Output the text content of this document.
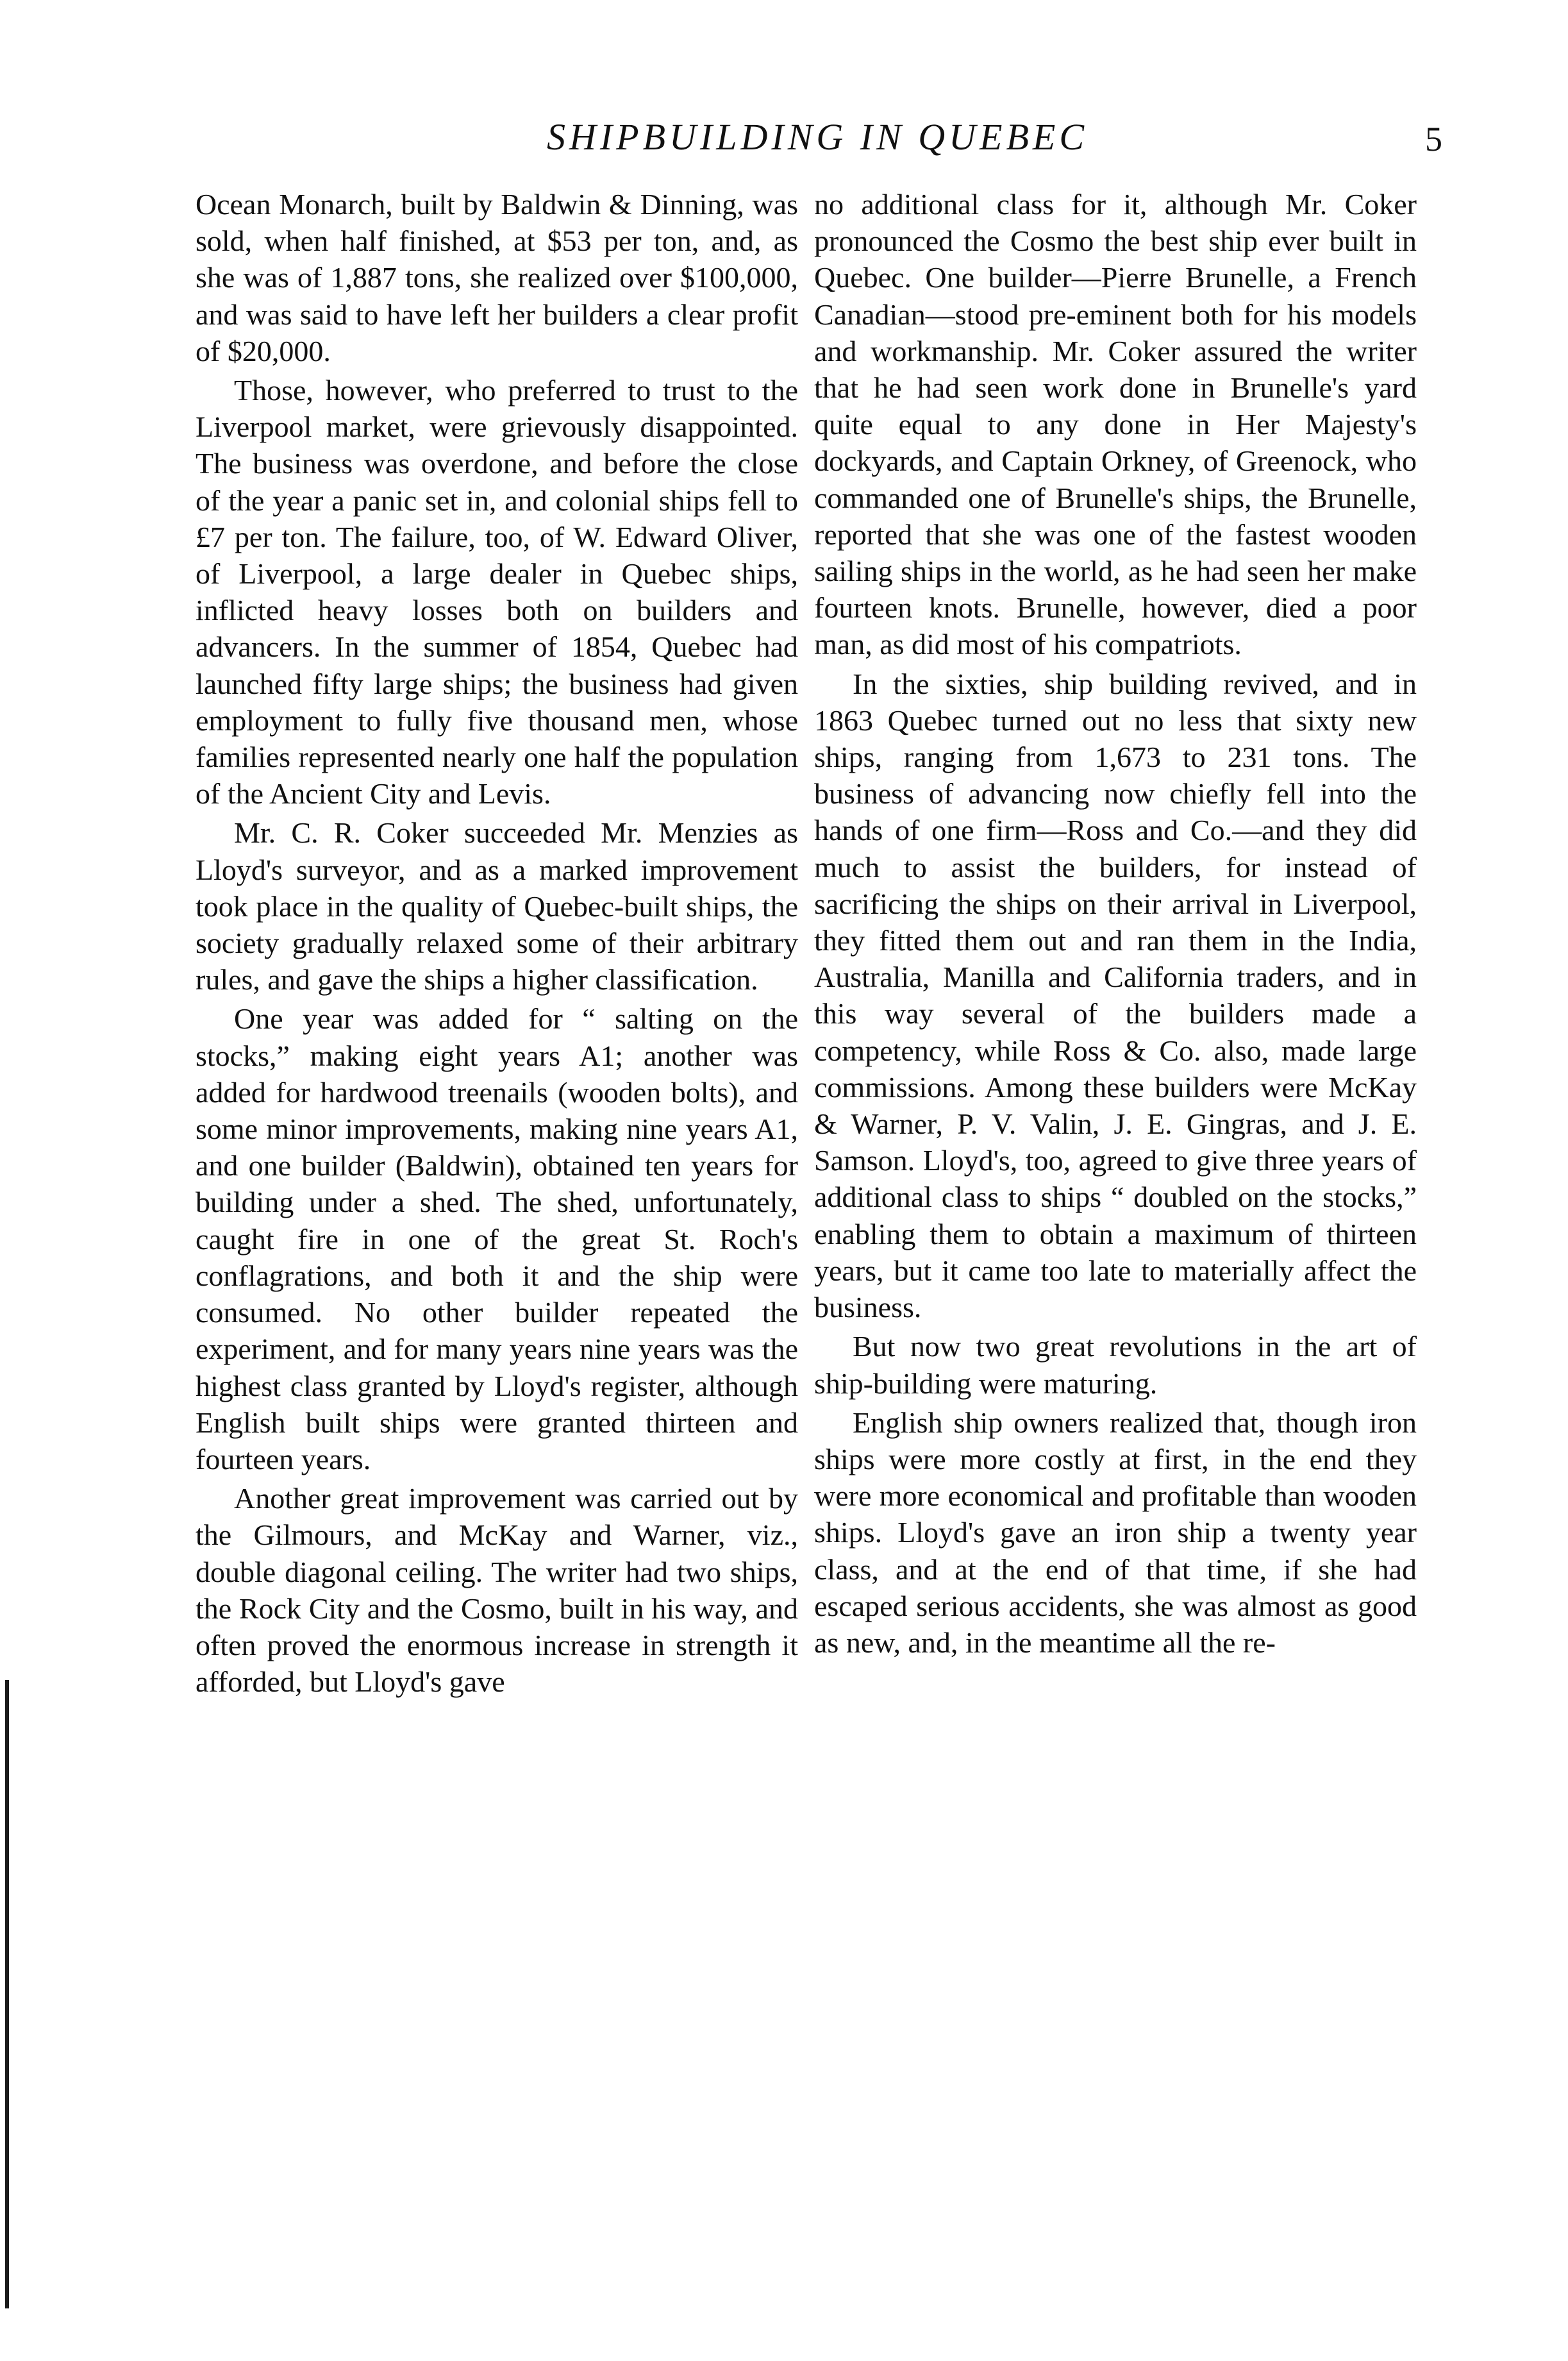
SHIPBUILDING IN QUEBEC	5

Ocean Monarch, built by Baldwin & Dinning, was sold, when half finished, at $53 per ton, and, as she was of 1,887 tons, she realized over $100,000, and was said to have left her builders a clear profit of $20,000.

Those, however, who preferred to trust to the Liverpool market, were grievously disappointed. The business was overdone, and before the close of the year a panic set in, and colonial ships fell to £7 per ton. The failure, too, of W. Edward Oliver, of Liverpool, a large dealer in Quebec ships, inflicted heavy losses both on builders and advancers. In the summer of 1854, Quebec had launched fifty large ships; the business had given employment to fully five thousand men, whose families represented nearly one half the population of the Ancient City and Levis.

Mr. C. R. Coker succeeded Mr. Menzies as Lloyd's surveyor, and as a marked improvement took place in the quality of Quebec-built ships, the society gradually relaxed some of their arbitrary rules, and gave the ships a higher classification.

One year was added for “ salting on the stocks,” making eight years A1; another was added for hardwood treenails (wooden bolts), and some minor improvements, making nine years A1, and one builder (Baldwin), obtained ten years for building under a shed. The shed, unfortunately, caught fire in one of the great St. Roch's conflagrations, and both it and the ship were consumed. No other builder repeated the experiment, and for many years nine years was the highest class granted by Lloyd's register, although English built ships were granted thirteen and fourteen years.

Another great improvement was carried out by the Gilmours, and McKay and Warner, viz., double diagonal ceiling. The writer had two ships, the Rock City and the Cosmo, built in his way, and often proved the enormous increase in strength it afforded, but Lloyd's gave

no additional class for it, although Mr. Coker pronounced the Cosmo the best ship ever built in Quebec. One builder—Pierre Brunelle, a French Canadian—stood pre-eminent both for his models and workmanship. Mr. Coker assured the writer that he had seen work done in Brunelle's yard quite equal to any done in Her Majesty's dockyards, and Captain Orkney, of Greenock, who commanded one of Brunelle's ships, the Brunelle, reported that she was one of the fastest wooden sailing ships in the world, as he had seen her make fourteen knots. Brunelle, however, died a poor man, as did most of his compatriots.

In the sixties, ship building revived, and in 1863 Quebec turned out no less that sixty new ships, ranging from 1,673 to 231 tons. The business of advancing now chiefly fell into the hands of one firm—Ross and Co.—and they did much to assist the builders, for instead of sacrificing the ships on their arrival in Liverpool, they fitted them out and ran them in the India, Australia, Manilla and California traders, and in this way several of the builders made a competency, while Ross & Co. also, made large commissions. Among these builders were McKay & Warner, P. V. Valin, J. E. Gingras, and J. E. Samson. Lloyd's, too, agreed to give three years of additional class to ships “ doubled on the stocks,” enabling them to obtain a maximum of thirteen years, but it came too late to materially affect the business.

But now two great revolutions in the art of ship-building were maturing.

English ship owners realized that, though iron ships were more costly at first, in the end they were more economical and profitable than wooden ships. Lloyd's gave an iron ship a twenty year class, and at the end of that time, if she had escaped serious accidents, she was almost as good as new, and, in the meantime all the re-
